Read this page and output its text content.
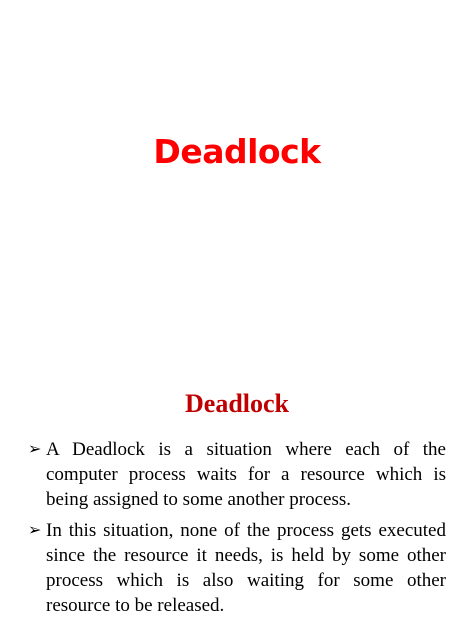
Deadlock
Deadlock
➢ A Deadlock is a situation where each of the computer process waits for a resource which is being assigned to some another process.
➢ In this situation, none of the process gets executed since the resource it needs, is held by some other process which is also waiting for some other resource to be released.
